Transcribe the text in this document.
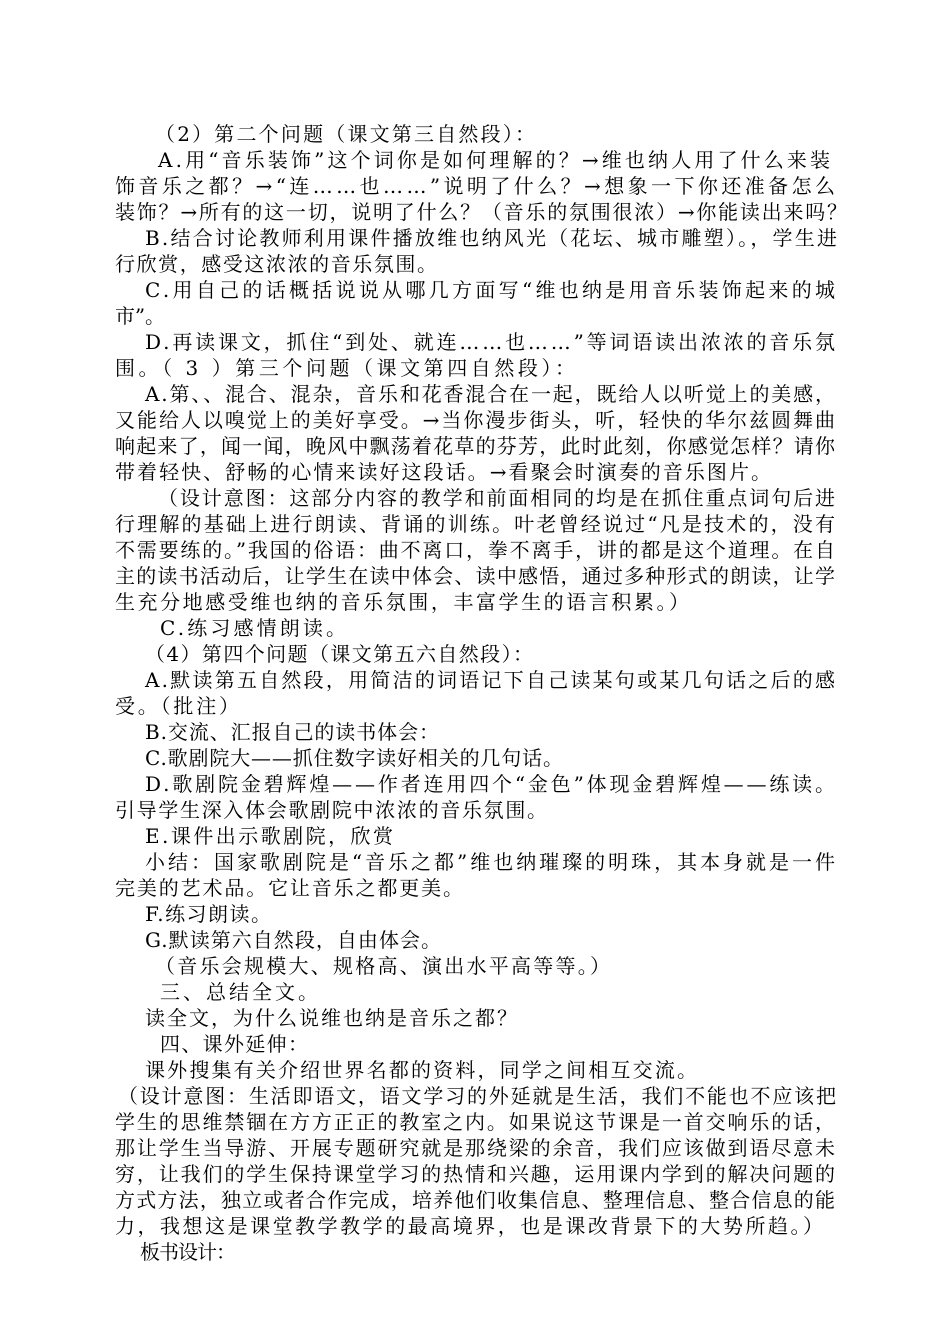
（2）第二个问题（课文第三自然段）：
A.用“音乐装饰”这个词你是如何理解的？→维也纳人用了什么来装
饰音乐之都？→“连……也……”说明了什么？→想象一下你还准备怎么
装饰？→所有的这一切，说明了什么？（音乐的氛围很浓）→你能读出来吗？
B.结合讨论教师利用课件播放维也纳风光（花坛、城市雕塑）。，学生进
行欣赏，感受这浓浓的音乐氛围。
C.用自己的话概括说说从哪几方面写“维也纳是用音乐装饰起来的城
市”。
D.再读课文，抓住“到处、就连……也……”等词语读出浓浓的音乐氛
围。（ 3 ）第三个问题（课文第四自然段）：
A.第、、混合、混杂，音乐和花香混合在一起，既给人以听觉上的美感，
又能给人以嗅觉上的美好享受。→当你漫步街头，听，轻快的华尔兹圆舞曲
响起来了，闻一闻，晚风中飘荡着花草的芬芳，此时此刻，你感觉怎样？请你
带着轻快、舒畅的心情来读好这段话。→看聚会时演奏的音乐图片。
（设计意图：这部分内容的教学和前面相同的均是在抓住重点词句后进
行理解的基础上进行朗读、背诵的训练。叶老曾经说过“凡是技术的，没有
不需要练的。”我国的俗语：曲不离口，拳不离手，讲的都是这个道理。在自
主的读书活动后，让学生在读中体会、读中感悟，通过多种形式的朗读，让学
生充分地感受维也纳的音乐氛围，丰富学生的语言积累。）
C.练习感情朗读。
（4）第四个问题（课文第五六自然段）：
A.默读第五自然段，用简洁的词语记下自己读某句或某几句话之后的感
受。（批注）
B.交流、汇报自己的读书体会：
C.歌剧院大——抓住数字读好相关的几句话。
D.歌剧院金碧辉煌——作者连用四个“金色”体现金碧辉煌——练读。
引导学生深入体会歌剧院中浓浓的音乐氛围。
E.课件出示歌剧院，欣赏
小结：国家歌剧院是“音乐之都”维也纳璀璨的明珠，其本身就是一件
完美的艺术品。它让音乐之都更美。
F.练习朗读。
G.默读第六自然段，自由体会。
（音乐会规模大、规格高、演出水平高等等。）
三、总结全文。
读全文，为什么说维也纳是音乐之都？
四、课外延伸：
课外搜集有关介绍世界名都的资料，同学之间相互交流。
（设计意图：生活即语文，语文学习的外延就是生活，我们不能也不应该把
学生的思维禁锢在方方正正的教室之内。如果说这节课是一首交响乐的话，
那让学生当导游、开展专题研究就是那绕梁的余音，我们应该做到语尽意未
穷，让我们的学生保持课堂学习的热情和兴趣，运用课内学到的解决问题的
方式方法，独立或者合作完成，培养他们收集信息、整理信息、整合信息的能
力，我想这是课堂教学教学的最高境界，也是课改背景下的大势所趋。）
板书设计：
